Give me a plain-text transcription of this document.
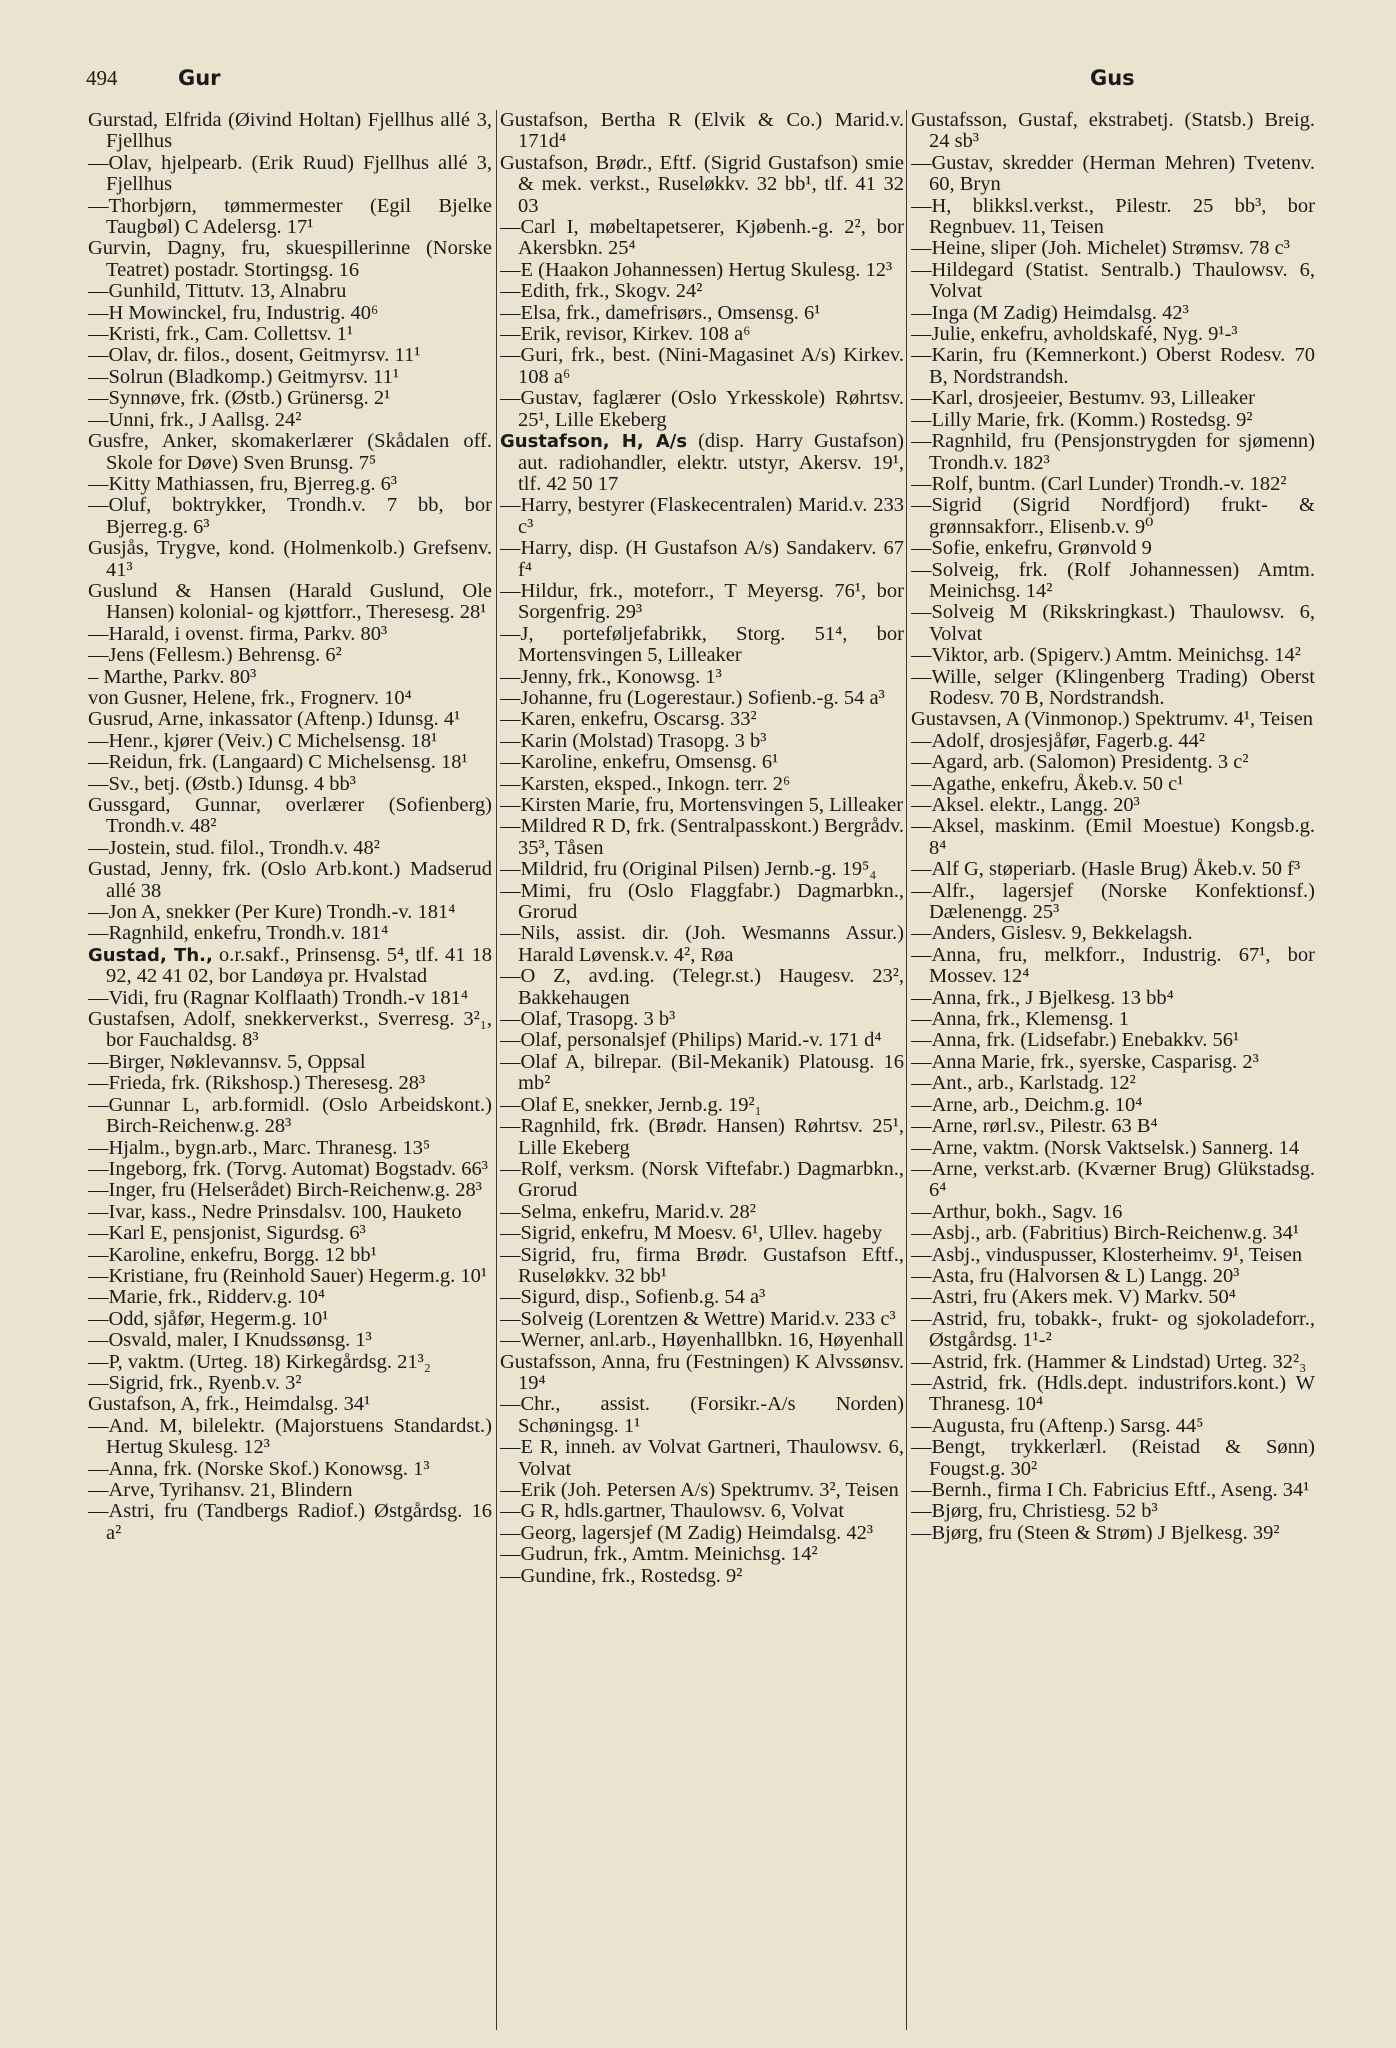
494	Gur	Gus
Gurstad, Elfrida (Øivind Holtan) Fjellhus allé 3, Fjellhus
—Olav, hjelpearb. (Erik Ruud) Fjellhus allé 3, Fjellhus
—Thorbjørn, tømmermester (Egil Bjelke Taugbøl) C Adelersg. 17¹
Gurvin, Dagny, fru, skuespillerinne (Norske Teatret) postadr. Stortingsg. 16
—Gunhild, Tittutv. 13, Alnabru
—H Mowinckel, fru, Industrig. 40⁶
—Kristi, frk., Cam. Collettsv. 1¹
—Olav, dr. filos., dosent, Geitmyrsv. 11¹
—Solrun (Bladkomp.) Geitmyrsv. 11¹
—Synnøve, frk. (Østb.) Grünersg. 2¹
—Unni, frk., J Aallsg. 24²
Gusfre, Anker, skomakerlærer (Skådalen off. Skole for Døve) Sven Brunsg. 7⁵
—Kitty Mathiassen, fru, Bjerreg.g. 6³
—Oluf, boktrykker, Trondh.v. 7 bb, bor Bjerreg.g. 6³
Gusjås, Trygve, kond. (Holmenkolb.) Grefsenv. 41³
Guslund & Hansen (Harald Guslund, Ole Hansen) kolonial- og kjøttforr., Theresesg. 28¹
—Harald, i ovenst. firma, Parkv. 80³
—Jens (Fellesm.) Behrensg. 6²
– Marthe, Parkv. 80³
von Gusner, Helene, frk., Frognerv. 10⁴
Gusrud, Arne, inkassator (Aftenp.) Idunsg. 4¹
—Henr., kjører (Veiv.) C Michelsensg. 18¹
—Reidun, frk. (Langaard) C Michelsensg. 18¹
—Sv., betj. (Østb.) Idunsg. 4 bb³
Gussgard, Gunnar, overlærer (Sofienberg) Trondh.v. 48²
—Jostein, stud. filol., Trondh.v. 48²
Gustad, Jenny, frk. (Oslo Arb.kont.) Madserud allé 38
—Jon A, snekker (Per Kure) Trondh.-v. 181⁴
—Ragnhild, enkefru, Trondh.v. 181⁴
Gustad, Th., o.r.sakf., Prinsensg. 5⁴, tlf. 41 18 92, 42 41 02, bor Landøya pr. Hvalstad
—Vidi, fru (Ragnar Kolflaath) Trondh.-v 181⁴
Gustafsen, Adolf, snekkerverkst., Sverresg. 3²₁, bor Fauchaldsg. 8³
—Birger, Nøklevannsv. 5, Oppsal
—Frieda, frk. (Rikshosp.) Theresesg. 28³
—Gunnar L, arb.formidl. (Oslo Arbeidskont.) Birch-Reichenw.g. 28³
—Hjalm., bygn.arb., Marc. Thranesg. 13⁵
—Ingeborg, frk. (Torvg. Automat) Bogstadv. 66³
—Inger, fru (Helserådet) Birch-Reichenw.g. 28³
—Ivar, kass., Nedre Prinsdalsv. 100, Hauketo
—Karl E, pensjonist, Sigurdsg. 6³
—Karoline, enkefru, Borgg. 12 bb¹
—Kristiane, fru (Reinhold Sauer) Hegerm.g. 10¹
—Marie, frk., Ridderv.g. 10⁴
—Odd, sjåfør, Hegerm.g. 10¹
—Osvald, maler, I Knudssønsg. 1³
—P, vaktm. (Urteg. 18) Kirkegårdsg. 21³₂
—Sigrid, frk., Ryenb.v. 3²
Gustafson, A, frk., Heimdalsg. 34¹
—And. M, bilelektr. (Majorstuens Standardst.) Hertug Skulesg. 12³
—Anna, frk. (Norske Skof.) Konowsg. 1³
—Arve, Tyrihansv. 21, Blindern
—Astri, fru (Tandbergs Radiof.) Østgårdsg. 16 a²
Gustafson, Bertha R (Elvik & Co.) Marid.v. 171d⁴
Gustafson, Brødr., Eftf. (Sigrid Gustafson) smie & mek. verkst., Ruseløkkv. 32 bb¹, tlf. 41 32 03
—Carl I, møbeltapetserer, Kjøbenh.-g. 2², bor Akersbkn. 25⁴
—E (Haakon Johannessen) Hertug Skulesg. 12³
—Edith, frk., Skogv. 24²
—Elsa, frk., damefrisørs., Omsensg. 6¹
—Erik, revisor, Kirkev. 108 a⁶
—Guri, frk., best. (Nini-Magasinet A/s) Kirkev. 108 a⁶
—Gustav, faglærer (Oslo Yrkesskole) Røhrtsv. 25¹, Lille Ekeberg
Gustafson, H, A/s (disp. Harry Gustafson) aut. radiohandler, elektr. utstyr, Akersv. 19¹, tlf. 42 50 17
—Harry, bestyrer (Flaskecentralen) Marid.v. 233 c³
—Harry, disp. (H Gustafson A/s) Sandakerv. 67 f⁴
—Hildur, frk., moteforr., T Meyersg. 76¹, bor Sorgenfrig. 29³
—J, porteføljefabrikk, Storg. 51⁴, bor Mortensvingen 5, Lilleaker
—Jenny, frk., Konowsg. 1³
—Johanne, fru (Logerestaur.) Sofienb.-g. 54 a³
—Karen, enkefru, Oscarsg. 33²
—Karin (Molstad) Trasopg. 3 b³
—Karoline, enkefru, Omsensg. 6¹
—Karsten, eksped., Inkogn. terr. 2⁶
—Kirsten Marie, fru, Mortensvingen 5, Lilleaker
—Mildred R D, frk. (Sentralpasskont.) Bergrådv. 35³, Tåsen
—Mildrid, fru (Original Pilsen) Jernb.-g. 19⁵₄
—Mimi, fru (Oslo Flaggfabr.) Dagmarbkn., Grorud
—Nils, assist. dir. (Joh. Wesmanns Assur.) Harald Løvensk.v. 4², Røa
—O Z, avd.ing. (Telegr.st.) Haugesv. 23², Bakkehaugen
—Olaf, Trasopg. 3 b³
—Olaf, personalsjef (Philips) Marid.-v. 171 d⁴
—Olaf A, bilrepar. (Bil-Mekanik) Platousg. 16 mb²
—Olaf E, snekker, Jernb.g. 19²₁
—Ragnhild, frk. (Brødr. Hansen) Røhrtsv. 25¹, Lille Ekeberg
—Rolf, verksm. (Norsk Viftefabr.) Dagmarbkn., Grorud
—Selma, enkefru, Marid.v. 28²
—Sigrid, enkefru, M Moesv. 6¹, Ullev. hageby
—Sigrid, fru, firma Brødr. Gustafson Eftf., Ruseløkkv. 32 bb¹
—Sigurd, disp., Sofienb.g. 54 a³
—Solveig (Lorentzen & Wettre) Marid.v. 233 c³
—Werner, anl.arb., Høyenhallbkn. 16, Høyenhall
Gustafsson, Anna, fru (Festningen) K Alvssønsv. 19⁴
—Chr., assist. (Forsikr.-A/s Norden) Schøningsg. 1¹
—E R, inneh. av Volvat Gartneri, Thaulowsv. 6, Volvat
—Erik (Joh. Petersen A/s) Spektrumv. 3², Teisen
—G R, hdls.gartner, Thaulowsv. 6, Volvat
—Georg, lagersjef (M Zadig) Heimdalsg. 42³
—Gudrun, frk., Amtm. Meinichsg. 14²
—Gundine, frk., Rostedsg. 9²
Gustafsson, Gustaf, ekstrabetj. (Statsb.) Breig. 24 sb³
—Gustav, skredder (Herman Mehren) Tvetenv. 60, Bryn
—H, blikksl.verkst., Pilestr. 25 bb³, bor Regnbuev. 11, Teisen
—Heine, sliper (Joh. Michelet) Strømsv. 78 c³
—Hildegard (Statist. Sentralb.) Thaulowsv. 6, Volvat
—Inga (M Zadig) Heimdalsg. 42³
—Julie, enkefru, avholdskafé, Nyg. 9¹-³
—Karin, fru (Kemnerkont.) Oberst Rodesv. 70 B, Nordstrandsh.
—Karl, drosjeeier, Bestumv. 93, Lilleaker
—Lilly Marie, frk. (Komm.) Rostedsg. 9²
—Ragnhild, fru (Pensjonstrygden for sjømenn) Trondh.v. 182³
—Rolf, buntm. (Carl Lunder) Trondh.-v. 182²
—Sigrid (Sigrid Nordfjord) frukt- & grønnsakforr., Elisenb.v. 9⁰
—Sofie, enkefru, Grønvold 9
—Solveig, frk. (Rolf Johannessen) Amtm. Meinichsg. 14²
—Solveig M (Rikskringkast.) Thaulowsv. 6, Volvat
—Viktor, arb. (Spigerv.) Amtm. Meinichsg. 14²
—Wille, selger (Klingenberg Trading) Oberst Rodesv. 70 B, Nordstrandsh.
Gustavsen, A (Vinmonop.) Spektrumv. 4¹, Teisen
—Adolf, drosjesjåfør, Fagerb.g. 44²
—Agard, arb. (Salomon) Presidentg. 3 c²
—Agathe, enkefru, Åkeb.v. 50 c¹
—Aksel. elektr., Langg. 20³
—Aksel, maskinm. (Emil Moestue) Kongsb.g. 8⁴
—Alf G, støperiarb. (Hasle Brug) Åkeb.v. 50 f³
—Alfr., lagersjef (Norske Konfektionsf.) Dælenengg. 25³
—Anders, Gislesv. 9, Bekkelagsh.
—Anna, fru, melkforr., Industrig. 67¹, bor Mossev. 12⁴
—Anna, frk., J Bjelkesg. 13 bb⁴
—Anna, frk., Klemensg. 1
—Anna, frk. (Lidsefabr.) Enebakkv. 56¹
—Anna Marie, frk., syerske, Casparisg. 2³
—Ant., arb., Karlstadg. 12²
—Arne, arb., Deichm.g. 10⁴
—Arne, rørl.sv., Pilestr. 63 B⁴
—Arne, vaktm. (Norsk Vaktselsk.) Sannerg. 14
—Arne, verkst.arb. (Kværner Brug) Glükstadsg. 6⁴
—Arthur, bokh., Sagv. 16
—Asbj., arb. (Fabritius) Birch-Reichenw.g. 34¹
—Asbj., vinduspusser, Klosterheimv. 9¹, Teisen
—Asta, fru (Halvorsen & L) Langg. 20³
—Astri, fru (Akers mek. V) Markv. 50⁴
—Astrid, fru, tobakk-, frukt- og sjokoladeforr., Østgårdsg. 1¹-²
—Astrid, frk. (Hammer & Lindstad) Urteg. 32²₃
—Astrid, frk. (Hdls.dept. industrifors.kont.) W Thranesg. 10⁴
—Augusta, fru (Aftenp.) Sarsg. 44⁵
—Bengt, trykkerlærl. (Reistad & Sønn) Fougst.g. 30²
—Bernh., firma I Ch. Fabricius Eftf., Aseng. 34¹
—Bjørg, fru, Christiesg. 52 b³
—Bjørg, fru (Steen & Strøm) J Bjelkesg. 39²
